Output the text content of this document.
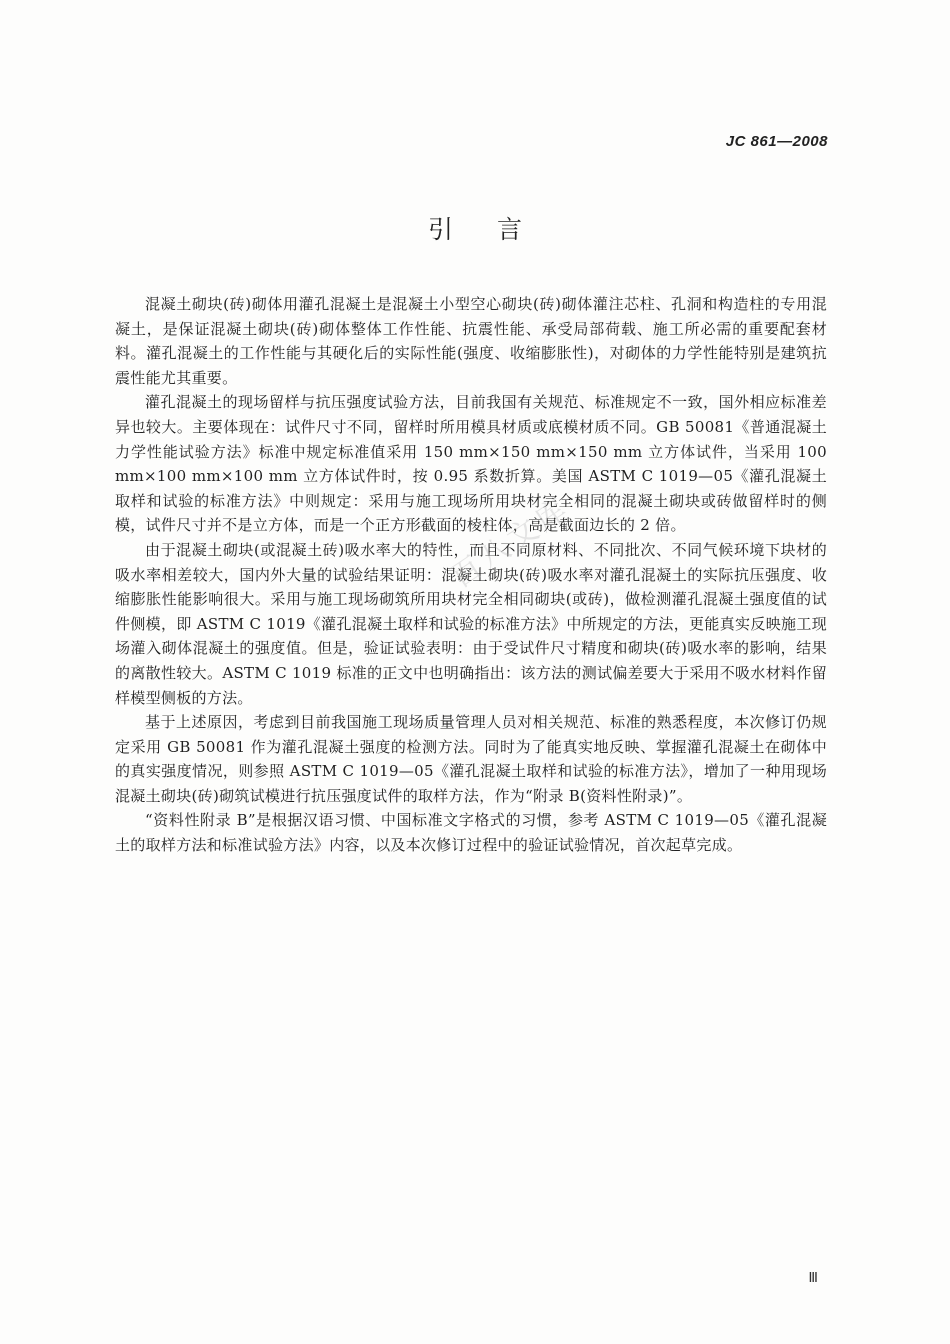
JC 861—2008
引言

混凝土砌块(砖)砌体用灌孔混凝土是混凝土小型空心砌块(砖)砌体灌注芯柱、孔洞和构造柱的专用混凝土，是保证混凝土砌块(砖)砌体整体工作性能、抗震性能、承受局部荷载、施工所必需的重要配套材料。灌孔混凝土的工作性能与其硬化后的实际性能(强度、收缩膨胀性)，对砌体的力学性能特别是建筑抗震性能尤其重要。

灌孔混凝土的现场留样与抗压强度试验方法，目前我国有关规范、标准规定不一致，国外相应标准差异也较大。主要体现在：试件尺寸不同，留样时所用模具材质或底模材质不同。GB 50081《普通混凝土力学性能试验方法》标准中规定标准值采用 150 mm×150 mm×150 mm 立方体试件，当采用 100 mm×100 mm×100 mm 立方体试件时，按 0.95 系数折算。美国 ASTM C 1019—05《灌孔混凝土取样和试验的标准方法》中则规定：采用与施工现场所用块材完全相同的混凝土砌块或砖做留样时的侧模，试件尺寸并不是立方体，而是一个正方形截面的棱柱体，高是截面边长的 2 倍。

由于混凝土砌块(或混凝土砖)吸水率大的特性，而且不同原材料、不同批次、不同气候环境下块材的吸水率相差较大，国内外大量的试验结果证明：混凝土砌块(砖)吸水率对灌孔混凝土的实际抗压强度、收缩膨胀性能影响很大。采用与施工现场砌筑所用块材完全相同砌块(或砖)，做检测灌孔混凝土强度值的试件侧模，即 ASTM C 1019《灌孔混凝土取样和试验的标准方法》中所规定的方法，更能真实反映施工现场灌入砌体混凝土的强度值。但是，验证试验表明：由于受试件尺寸精度和砌块(砖)吸水率的影响，结果的离散性较大。ASTM C 1019 标准的正文中也明确指出：该方法的测试偏差要大于采用不吸水材料作留样模型侧板的方法。

基于上述原因，考虑到目前我国施工现场质量管理人员对相关规范、标准的熟悉程度，本次修订仍规定采用 GB 50081 作为灌孔混凝土强度的检测方法。同时为了能真实地反映、掌握灌孔混凝土在砌体中的真实强度情况，则参照 ASTM C 1019—05《灌孔混凝土取样和试验的标准方法》，增加了一种用现场混凝土砌块(砖)砌筑试模进行抗压强度试件的取样方法，作为“附录 B(资料性附录)”。

“资料性附录 B”是根据汉语习惯、中国标准文字格式的习惯，参考 ASTM C 1019—05《灌孔混凝土的取样方法和标准试验方法》内容，以及本次修订过程中的验证试验情况，首次起草完成。

百八文库
Ⅲ
